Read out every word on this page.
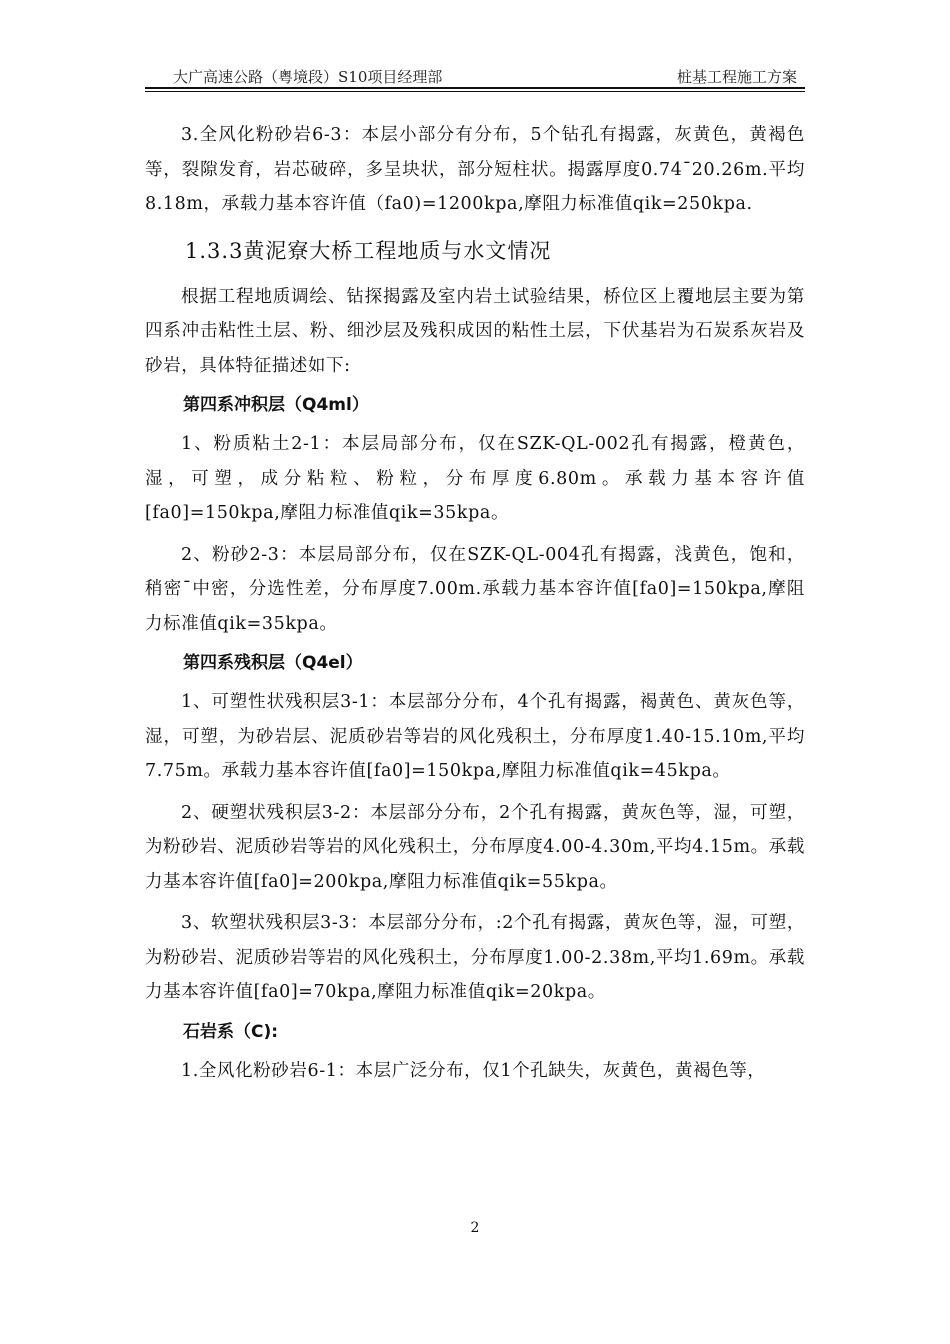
大广高速公路（粤境段）S10项目经理部	桩基工程施工方案

3.全风化粉砂岩6-3：本层小部分有分布，5个钻孔有揭露，灰黄色，黄褐色等，裂隙发育，岩芯破碎，多呈块状，部分短柱状。揭露厚度0.74¯20.26m.平均8.18m，承载力基本容许值（fa0)=1200kpa,摩阻力标准值qik=250kpa.

1.3.3黄泥寮大桥工程地质与水文情况

根据工程地质调绘、钻探揭露及室内岩土试验结果，桥位区上覆地层主要为第四系冲击粘性土层、粉、细沙层及残积成因的粘性土层，下伏基岩为石炭系灰岩及砂岩，具体特征描述如下:

第四系冲积层（Q4ml）

1、粉质粘土2-1：本层局部分布，仅在SZK-QL-002孔有揭露，橙黄色，湿，可塑，成分粘粒、粉粒，分布厚度6.80m。承载力基本容许值[fa0]=150kpa,摩阻力标准值qik=35kpa。

2、粉砂2-3：本层局部分布，仅在SZK-QL-004孔有揭露，浅黄色，饱和，稍密¯中密，分选性差，分布厚度7.00m.承载力基本容许值[fa0]=150kpa,摩阻力标准值qik=35kpa。

第四系残积层（Q4el）

1、可塑性状残积层3-1：本层部分分布，4个孔有揭露，褐黄色、黄灰色等，湿，可塑，为砂岩层、泥质砂岩等岩的风化残积土，分布厚度1.40-15.10m,平均7.75m。承载力基本容许值[fa0]=150kpa,摩阻力标准值qik=45kpa。

2、硬塑状残积层3-2：本层部分分布，2个孔有揭露，黄灰色等，湿，可塑，为粉砂岩、泥质砂岩等岩的风化残积土，分布厚度4.00-4.30m,平均4.15m。承载力基本容许值[fa0]=200kpa,摩阻力标准值qik=55kpa。

3、软塑状残积层3-3：本层部分分布，:2个孔有揭露，黄灰色等，湿，可塑，为粉砂岩、泥质砂岩等岩的风化残积土，分布厚度1.00-2.38m,平均1.69m。承载力基本容许值[fa0]=70kpa,摩阻力标准值qik=20kpa。

石岩系（C):

1.全风化粉砂岩6-1：本层广泛分布，仅1个孔缺失，灰黄色，黄褐色等，

2
